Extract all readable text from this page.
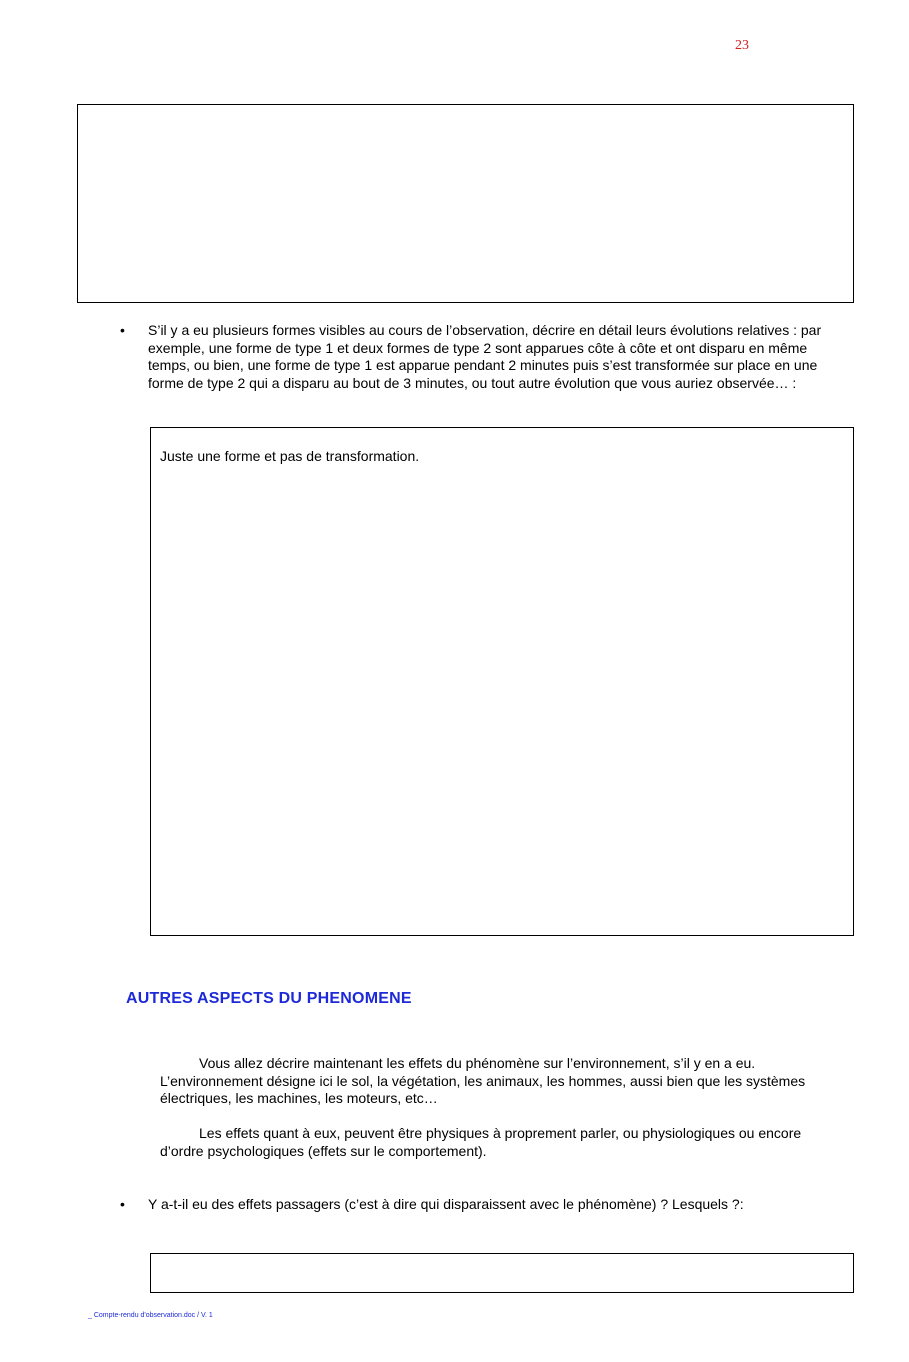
23
• S’il y a eu plusieurs formes visibles au cours de l’observation, décrire en détail leurs évolutions relatives : par exemple, une forme de type 1 et deux formes de type 2 sont apparues côte à côte et ont disparu en même temps, ou bien, une forme de type 1 est apparue pendant 2 minutes puis s’est transformée sur place en une forme de type 2 qui a disparu au bout de 3 minutes, ou tout autre évolution que vous auriez observée… :
Juste une forme et pas de transformation.
AUTRES ASPECTS DU PHENOMENE
Vous allez décrire maintenant les effets du phénomène sur l’environnement, s’il y en a eu. L’environnement désigne ici le sol, la végétation, les animaux, les hommes, aussi bien que les systèmes électriques, les machines, les moteurs, etc…
Les effets quant à eux, peuvent être physiques à proprement parler, ou physiologiques ou encore d’ordre psychologiques (effets sur le comportement).
• Y a-t-il eu des effets passagers (c’est à dire qui disparaissent avec le phénomène) ? Lesquels ?:
_ Compte-rendu d'observation.doc / V. 1
